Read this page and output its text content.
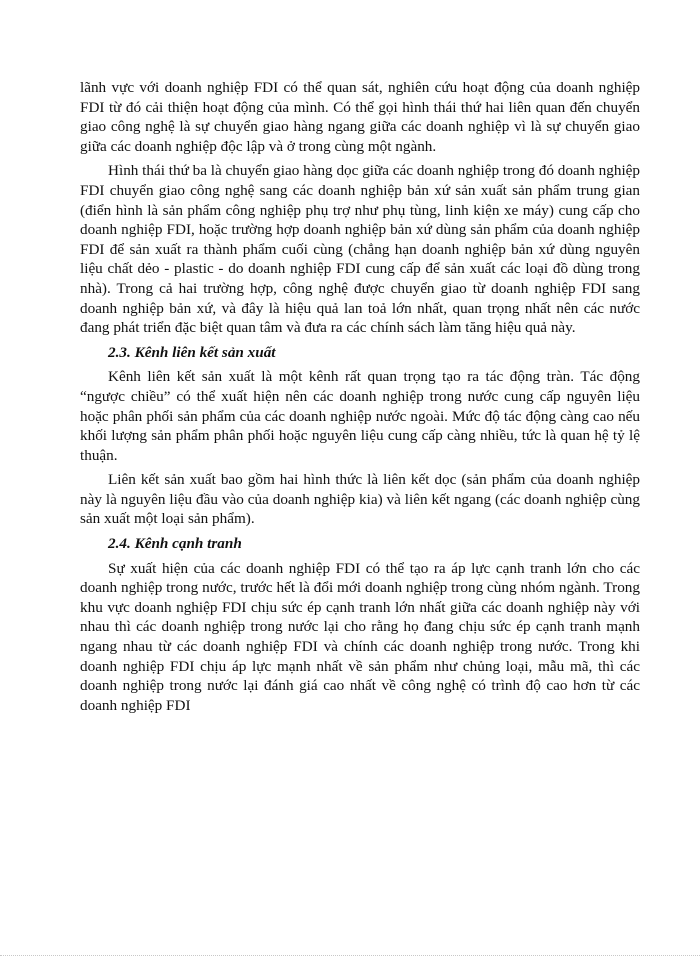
lãnh vực với doanh nghiệp FDI có thể quan sát, nghiên cứu hoạt động của doanh nghiệp FDI từ đó cải thiện hoạt động của mình. Có thể gọi hình thái thứ hai liên quan đến chuyển giao công nghệ là sự chuyển giao hàng ngang giữa các doanh nghiệp vì là sự chuyển giao giữa các doanh nghiệp độc lập và ở trong cùng một ngành.

Hình thái thứ ba là chuyển giao hàng dọc giữa các doanh nghiệp trong đó doanh nghiệp FDI chuyển giao công nghệ sang các doanh nghiệp bản xứ sản xuất sản phẩm trung gian (điển hình là sản phẩm công nghiệp phụ trợ như phụ tùng, linh kiện xe máy) cung cấp cho doanh nghiệp FDI, hoặc trường hợp doanh nghiệp bản xứ dùng sản phẩm của doanh nghiệp FDI để sản xuất ra thành phẩm cuối cùng (chẳng hạn doanh nghiệp bản xứ dùng nguyên liệu chất dẻo - plastic - do doanh nghiệp FDI cung cấp để sản xuất các loại đồ dùng trong nhà). Trong cả hai trường hợp, công nghệ được chuyển giao từ doanh nghiệp FDI sang doanh nghiệp bản xứ, và đây là hiệu quả lan toả lớn nhất, quan trọng nhất nên các nước đang phát triển đặc biệt quan tâm và đưa ra các chính sách làm tăng hiệu quả này.

2.3. Kênh liên kết sản xuất

Kênh liên kết sản xuất là một kênh rất quan trọng tạo ra tác động tràn. Tác động “ngược chiều” có thể xuất hiện nên các doanh nghiệp trong nước cung cấp nguyên liệu hoặc phân phối sản phẩm của các doanh nghiệp nước ngoài. Mức độ tác động càng cao nếu khối lượng sản phẩm phân phối hoặc nguyên liệu cung cấp càng nhiều, tức là quan hệ tỷ lệ thuận.

Liên kết sản xuất bao gồm hai hình thức là liên kết dọc (sản phẩm của doanh nghiệp này là nguyên liệu đầu vào của doanh nghiệp kia) và liên kết ngang (các doanh nghiệp cùng sản xuất một loại sản phẩm).

2.4. Kênh cạnh tranh

Sự xuất hiện của các doanh nghiệp FDI có thể tạo ra áp lực cạnh tranh lớn cho các doanh nghiệp trong nước, trước hết là đổi mới doanh nghiệp trong cùng nhóm ngành. Trong khu vực doanh nghiệp FDI chịu sức ép cạnh tranh lớn nhất giữa các doanh nghiệp này với nhau thì các doanh nghiệp trong nước lại cho rằng họ đang chịu sức ép cạnh tranh mạnh ngang nhau từ các doanh nghiệp FDI và chính các doanh nghiệp trong nước. Trong khi doanh nghiệp FDI chịu áp lực mạnh nhất về sản phẩm như chủng loại, mẫu mã, thì các doanh nghiệp trong nước lại đánh giá cao nhất về công nghệ có trình độ cao hơn từ các doanh nghiệp FDI
